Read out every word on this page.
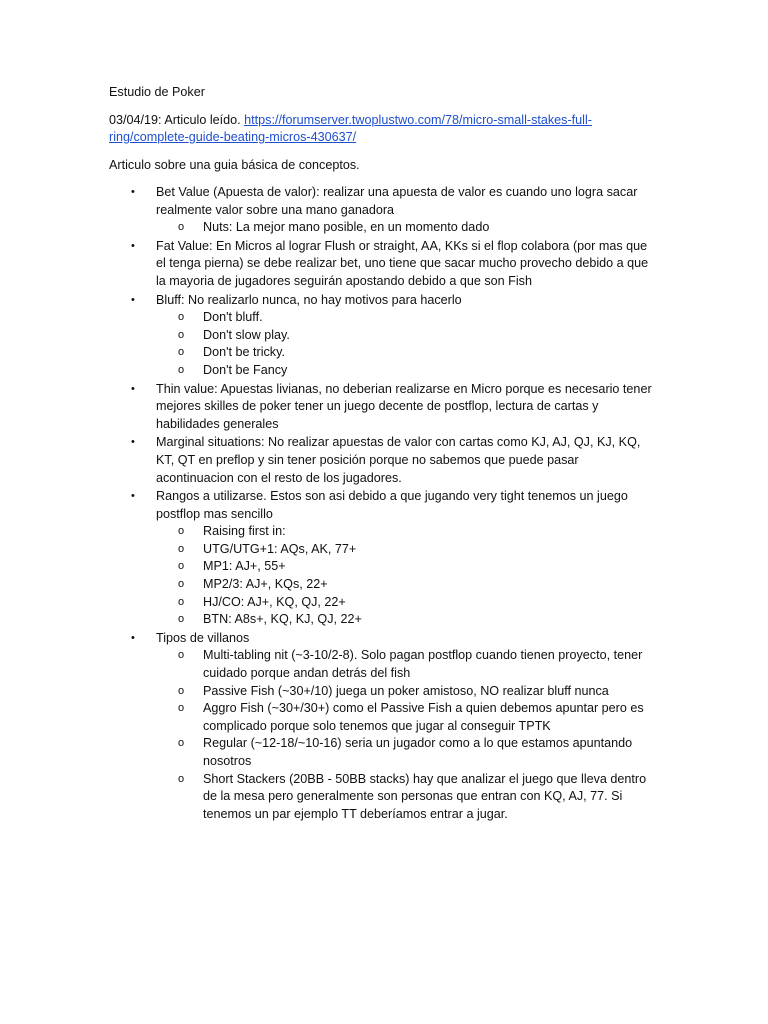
Estudio de Poker

03/04/19: Articulo leído. https://forumserver.twoplustwo.com/78/micro-small-stakes-full-ring/complete-guide-beating-micros-430637/

Articulo sobre una guia básica de conceptos.

• Bet Value (Apuesta de valor): realizar una apuesta de valor es cuando uno logra sacar realmente valor sobre una mano ganadora
o Nuts: La mejor mano posible, en un momento dado
• Fat Value: En Micros al lograr Flush or straight, AA, KKs si el flop colabora (por mas que el tenga pierna) se debe realizar bet, uno tiene que sacar mucho provecho debido a que la mayoria de jugadores seguirán apostando debido a que son Fish
• Bluff: No realizarlo nunca, no hay motivos para hacerlo
o Don't bluff.
o Don't slow play.
o Don't be tricky.
o Don't be Fancy
• Thin value: Apuestas livianas, no deberian realizarse en Micro porque es necesario tener mejores skilles de poker tener un juego decente de postflop, lectura de cartas y habilidades generales
• Marginal situations: No realizar apuestas de valor con cartas como KJ, AJ, QJ, KJ, KQ, KT, QT en preflop y sin tener posición porque no sabemos que puede pasar acontinuacion con el resto de los jugadores.
• Rangos a utilizarse. Estos son asi debido a que jugando very tight tenemos un juego postflop mas sencillo
o Raising first in:
o UTG/UTG+1: AQs, AK, 77+
o MP1: AJ+, 55+
o MP2/3: AJ+, KQs, 22+
o HJ/CO: AJ+, KQ, QJ, 22+
o BTN: A8s+, KQ, KJ, QJ, 22+
• Tipos de villanos
o Multi-tabling nit (~3-10/2-8). Solo pagan postflop cuando tienen proyecto, tener cuidado porque andan detrás del fish
o Passive Fish (~30+/10) juega un poker amistoso, NO realizar bluff nunca
o Aggro Fish (~30+/30+) como el Passive Fish a quien debemos apuntar pero es complicado porque solo tenemos que jugar al conseguir TPTK
o Regular (~12-18/~10-16) seria un jugador como a lo que estamos apuntando nosotros
o Short Stackers (20BB - 50BB stacks) hay que analizar el juego que lleva dentro de la mesa pero generalmente son personas que entran con KQ, AJ, 77. Si tenemos un par ejemplo TT deberíamos entrar a jugar.
